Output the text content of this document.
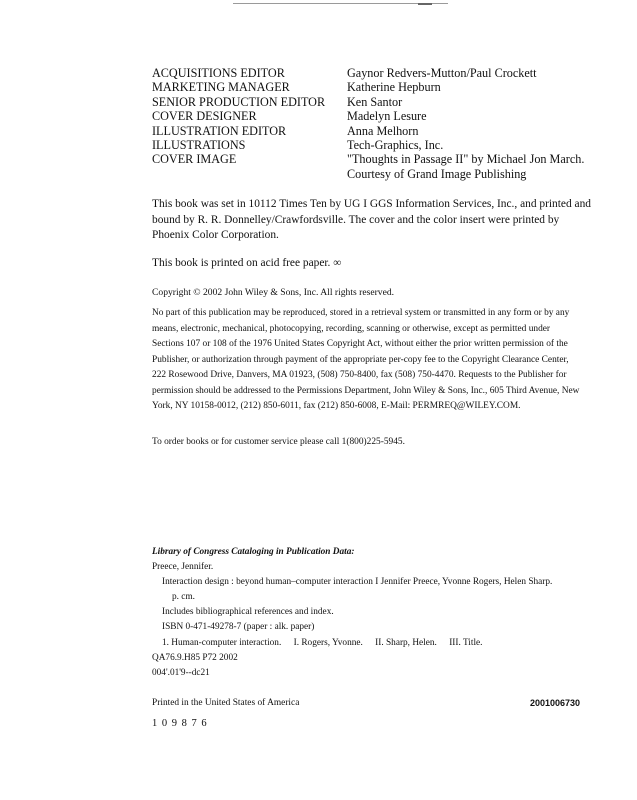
ACQUISITIONS EDITOR	Gaynor Redvers-Mutton/Paul Crockett
MARKETING MANAGER	Katherine Hepburn
SENIOR PRODUCTION EDITOR	Ken Santor
COVER DESIGNER	Madelyn Lesure
ILLUSTRATION EDITOR	Anna Melhorn
ILLUSTRATIONS	Tech-Graphics, Inc.
COVER IMAGE	"Thoughts in Passage II" by Michael Jon March.
Courtesy of Grand Image Publishing
This book was set in 10112 Times Ten by UG I GGS Information Services, Inc., and printed and bound by R. R. Donnelley/Crawfordsville. The cover and the color insert were printed by Phoenix Color Corporation.
This book is printed on acid free paper. ∞
Copyright © 2002 John Wiley & Sons, Inc. All rights reserved.
No part of this publication may be reproduced, stored in a retrieval system or transmitted in any form or by any means, electronic, mechanical, photocopying, recording, scanning or otherwise, except as permitted under Sections 107 or 108 of the 1976 United States Copyright Act, without either the prior written permission of the Publisher, or authorization through payment of the appropriate per-copy fee to the Copyright Clearance Center, 222 Rosewood Drive, Danvers, MA 01923, (508) 750-8400, fax (508) 750-4470. Requests to the Publisher for permission should be addressed to the Permissions Department, John Wiley & Sons, Inc., 605 Third Avenue, New York, NY 10158-0012, (212) 850-6011, fax (212) 850-6008, E-Mail: PERMREQ@WILEY.COM.
To order books or for customer service please call 1(800)225-5945.
Library of Congress Cataloging in Publication Data:
Preece, Jennifer.
Interaction design : beyond human–computer interaction I Jennifer Preece, Yvonne Rogers, Helen Sharp.
p. cm.
Includes bibliographical references and index.
ISBN 0-471-49278-7 (paper : alk. paper)
1. Human-computer interaction. I. Rogers, Yvonne. II. Sharp, Helen. III. Title.
QA76.9.H85 P72 2002
004'.01'9--dc21
Printed in the United States of America	2001006730
1 0 9 8 7 6
